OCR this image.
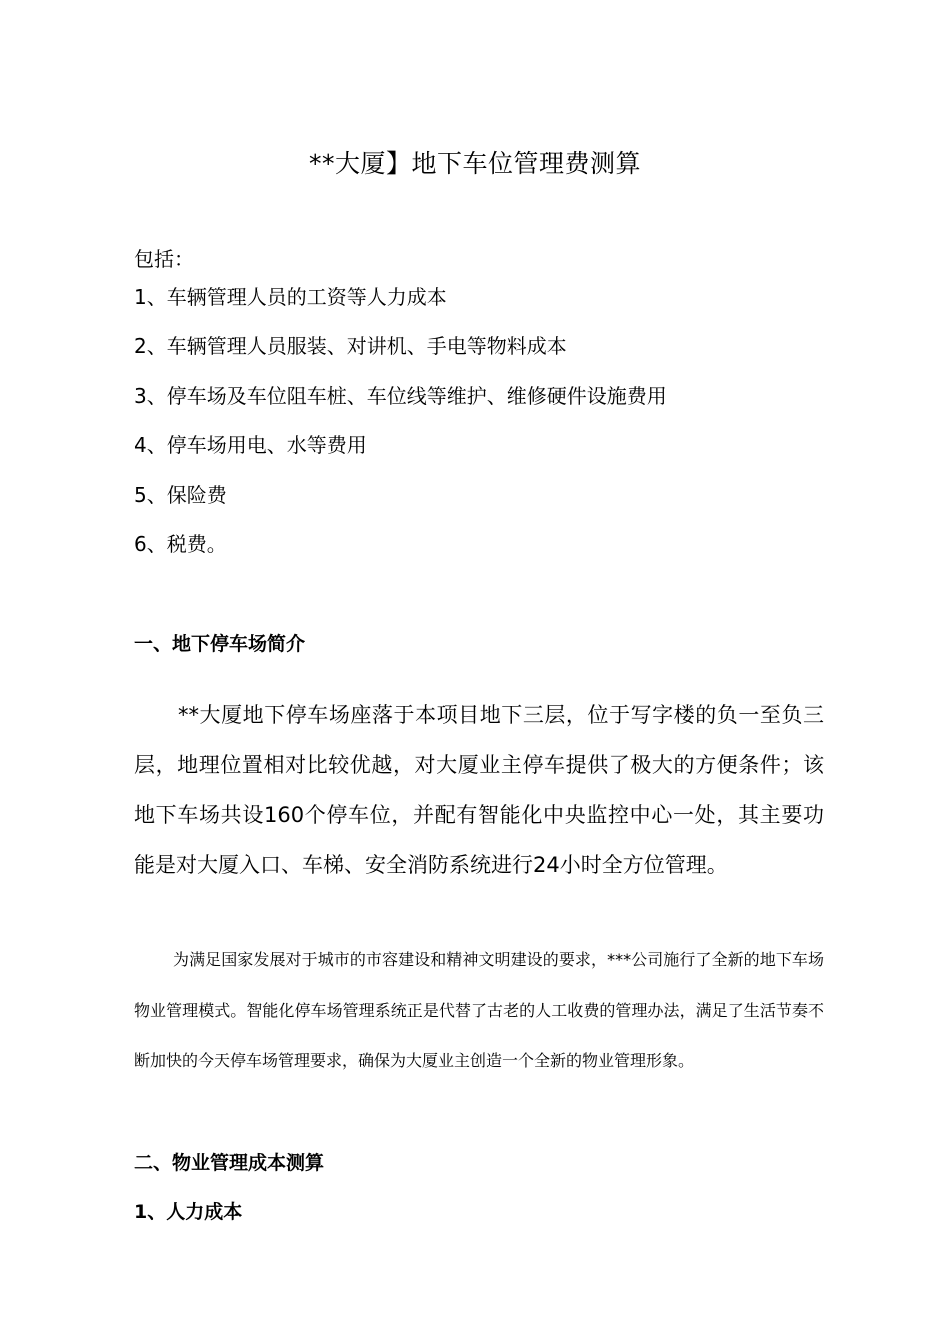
**大厦】地下车位管理费测算
包括：
1、车辆管理人员的工资等人力成本
2、车辆管理人员服装、对讲机、手电等物料成本
3、停车场及车位阻车桩、车位线等维护、维修硬件设施费用
4、停车场用电、水等费用
5、保险费
6、税费。
一、地下停车场简介

**大厦地下停车场座落于本项目地下三层，位于写字楼的负一至负三层，地理位置相对比较优越，对大厦业主停车提供了极大的方便条件；该地下车场共设160个停车位，并配有智能化中央监控中心一处，其主要功能是对大厦入口、车梯、安全消防系统进行24小时全方位管理。

为满足国家发展对于城市的市容建设和精神文明建设的要求，***公司施行了全新的地下车场物业管理模式。智能化停车场管理系统正是代替了古老的人工收费的管理办法，满足了生活节奏不断加快的今天停车场管理要求，确保为大厦业主创造一个全新的物业管理形象。

二、物业管理成本测算
1、人力成本
